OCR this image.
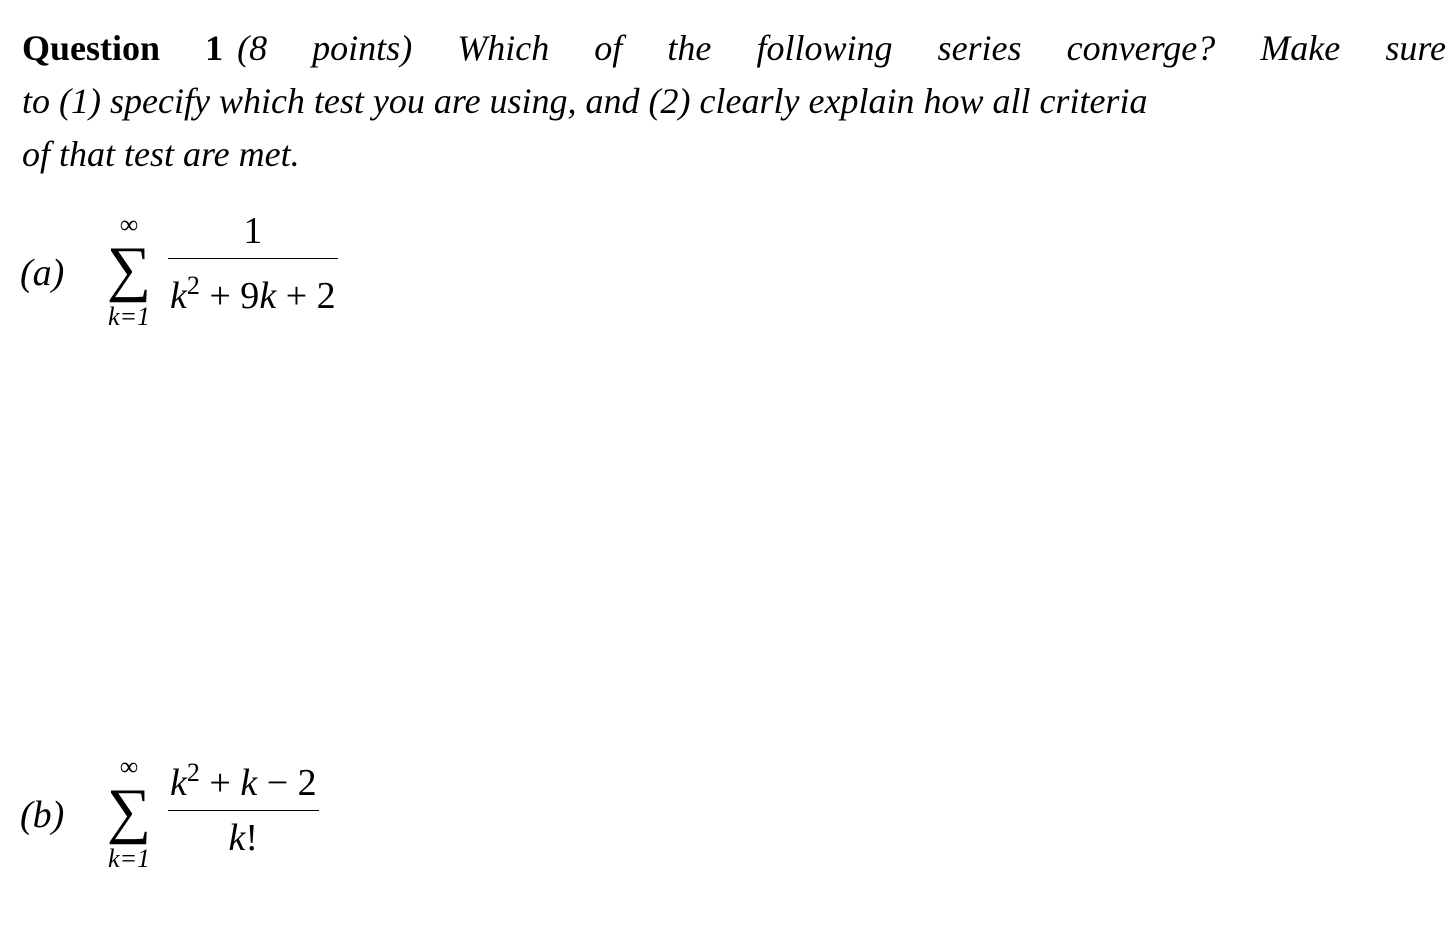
Question 1 (8 points) Which of the following series converge? Make sure
to (1) specify which test you are using, and (2) clearly explain how all criteria
of that test are met.
(a)
∞
∑
$k=1 \frac{1}{k^2 + 9k + 2}$
(b)
∞
∑
$k=1 \frac{k^2 + k - 2}{k!}$
